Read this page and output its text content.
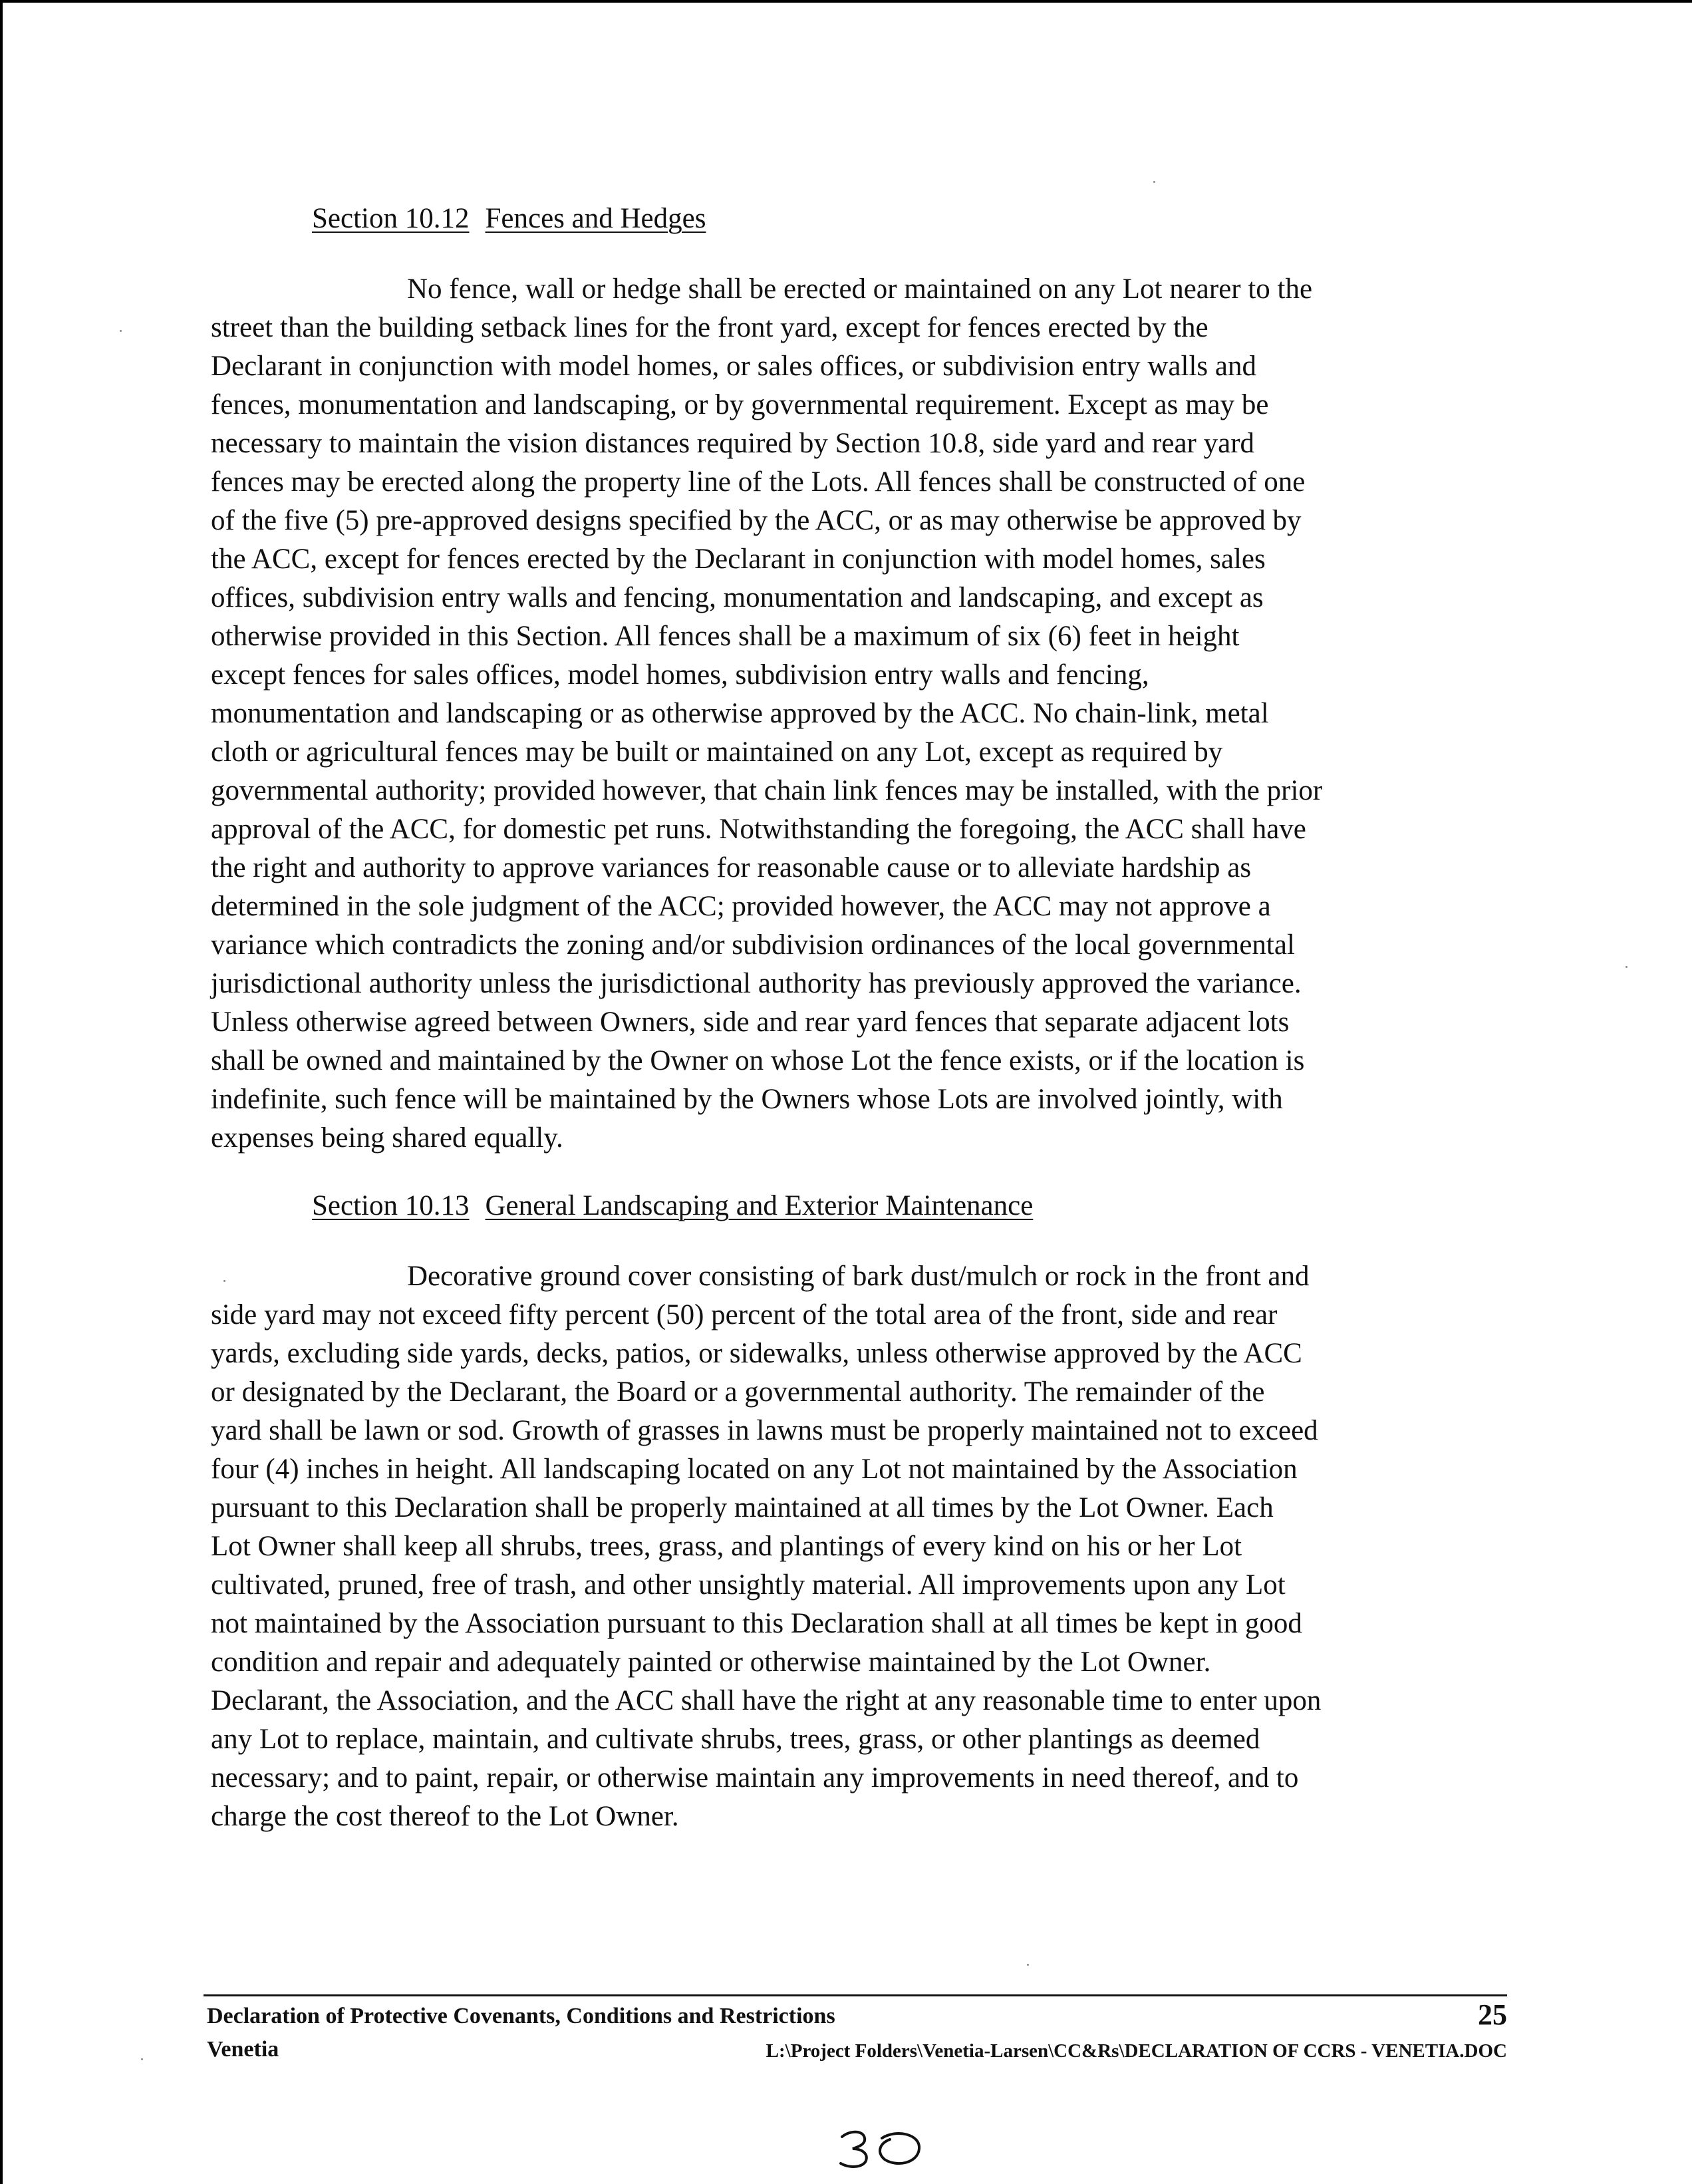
Section 10.12 Fences and Hedges

No fence, wall or hedge shall be erected or maintained on any Lot nearer to the
street than the building setback lines for the front yard, except for fences erected by the
Declarant in conjunction with model homes, or sales offices, or subdivision entry walls and
fences, monumentation and landscaping, or by governmental requirement. Except as may be
necessary to maintain the vision distances required by Section 10.8, side yard and rear yard
fences may be erected along the property line of the Lots. All fences shall be constructed of one
of the five (5) pre-approved designs specified by the ACC, or as may otherwise be approved by
the ACC, except for fences erected by the Declarant in conjunction with model homes, sales
offices, subdivision entry walls and fencing, monumentation and landscaping, and except as
otherwise provided in this Section. All fences shall be a maximum of six (6) feet in height
except fences for sales offices, model homes, subdivision entry walls and fencing,
monumentation and landscaping or as otherwise approved by the ACC. No chain-link, metal
cloth or agricultural fences may be built or maintained on any Lot, except as required by
governmental authority; provided however, that chain link fences may be installed, with the prior
approval of the ACC, for domestic pet runs. Notwithstanding the foregoing, the ACC shall have
the right and authority to approve variances for reasonable cause or to alleviate hardship as
determined in the sole judgment of the ACC; provided however, the ACC may not approve a
variance which contradicts the zoning and/or subdivision ordinances of the local governmental
jurisdictional authority unless the jurisdictional authority has previously approved the variance.
Unless otherwise agreed between Owners, side and rear yard fences that separate adjacent lots
shall be owned and maintained by the Owner on whose Lot the fence exists, or if the location is
indefinite, such fence will be maintained by the Owners whose Lots are involved jointly, with
expenses being shared equally.

Section 10.13 General Landscaping and Exterior Maintenance

Decorative ground cover consisting of bark dust/mulch or rock in the front and
side yard may not exceed fifty percent (50) percent of the total area of the front, side and rear
yards, excluding side yards, decks, patios, or sidewalks, unless otherwise approved by the ACC
or designated by the Declarant, the Board or a governmental authority. The remainder of the
yard shall be lawn or sod. Growth of grasses in lawns must be properly maintained not to exceed
four (4) inches in height. All landscaping located on any Lot not maintained by the Association
pursuant to this Declaration shall be properly maintained at all times by the Lot Owner. Each
Lot Owner shall keep all shrubs, trees, grass, and plantings of every kind on his or her Lot
cultivated, pruned, free of trash, and other unsightly material. All improvements upon any Lot
not maintained by the Association pursuant to this Declaration shall at all times be kept in good
condition and repair and adequately painted or otherwise maintained by the Lot Owner.
Declarant, the Association, and the ACC shall have the right at any reasonable time to enter upon
any Lot to replace, maintain, and cultivate shrubs, trees, grass, or other plantings as deemed
necessary; and to paint, repair, or otherwise maintain any improvements in need thereof, and to
charge the cost thereof to the Lot Owner.

Declaration of Protective Covenants, Conditions and Restrictions	25
Venetia	L:\Project Folders\Venetia-Larsen\CC&Rs\DECLARATION OF CCRS - VENETIA.DOC
